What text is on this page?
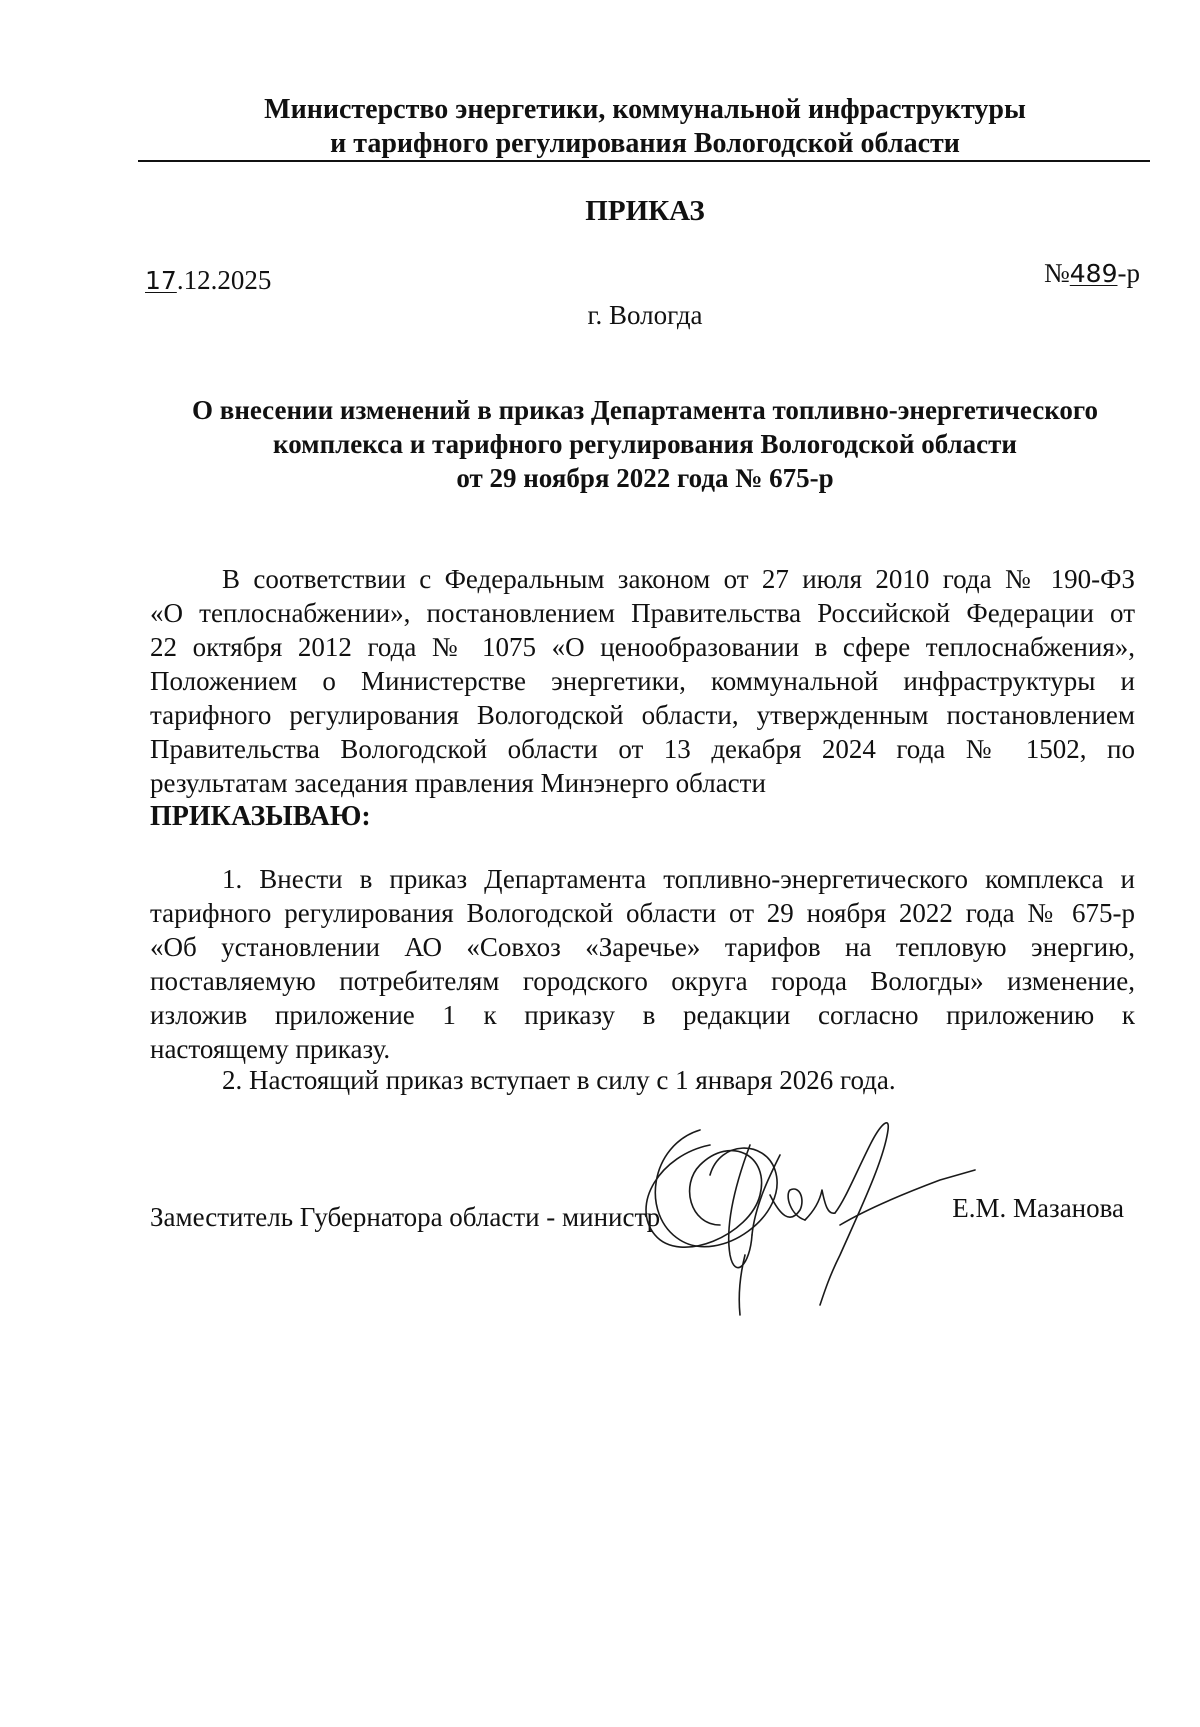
Министерство энергетики, коммунальной инфраструктуры
и тарифного регулирования Вологодской области
ПРИКАЗ
17.12.2025	№489-р
г. Вологда
О внесении изменений в приказ Департамента топливно-энергетического
комплекса и тарифного регулирования Вологодской области
от 29 ноября 2022 года № 675-р
В соответствии с Федеральным законом от 27 июля 2010 года № 190-ФЗ
«О теплоснабжении», постановлением Правительства Российской Федерации от
22 октября 2012 года № 1075 «О ценообразовании в сфере теплоснабжения»,
Положением о Министерстве энергетики, коммунальной инфраструктуры и
тарифного регулирования Вологодской области, утвержденным постановлением
Правительства Вологодской области от 13 декабря 2024 года № 1502, по
результатам заседания правления Минэнерго области
ПРИКАЗЫВАЮ:
1. Внести в приказ Департамента топливно-энергетического комплекса и
тарифного регулирования Вологодской области от 29 ноября 2022 года № 675-р
«Об установлении АО «Совхоз «Заречье» тарифов на тепловую энергию,
поставляемую потребителям городского округа города Вологды» изменение,
изложив приложение 1 к приказу в редакции согласно приложению к
настоящему приказу.
2. Настоящий приказ вступает в силу с 1 января 2026 года.
Заместитель Губернатора области - министр	Е.М. Мазанова
